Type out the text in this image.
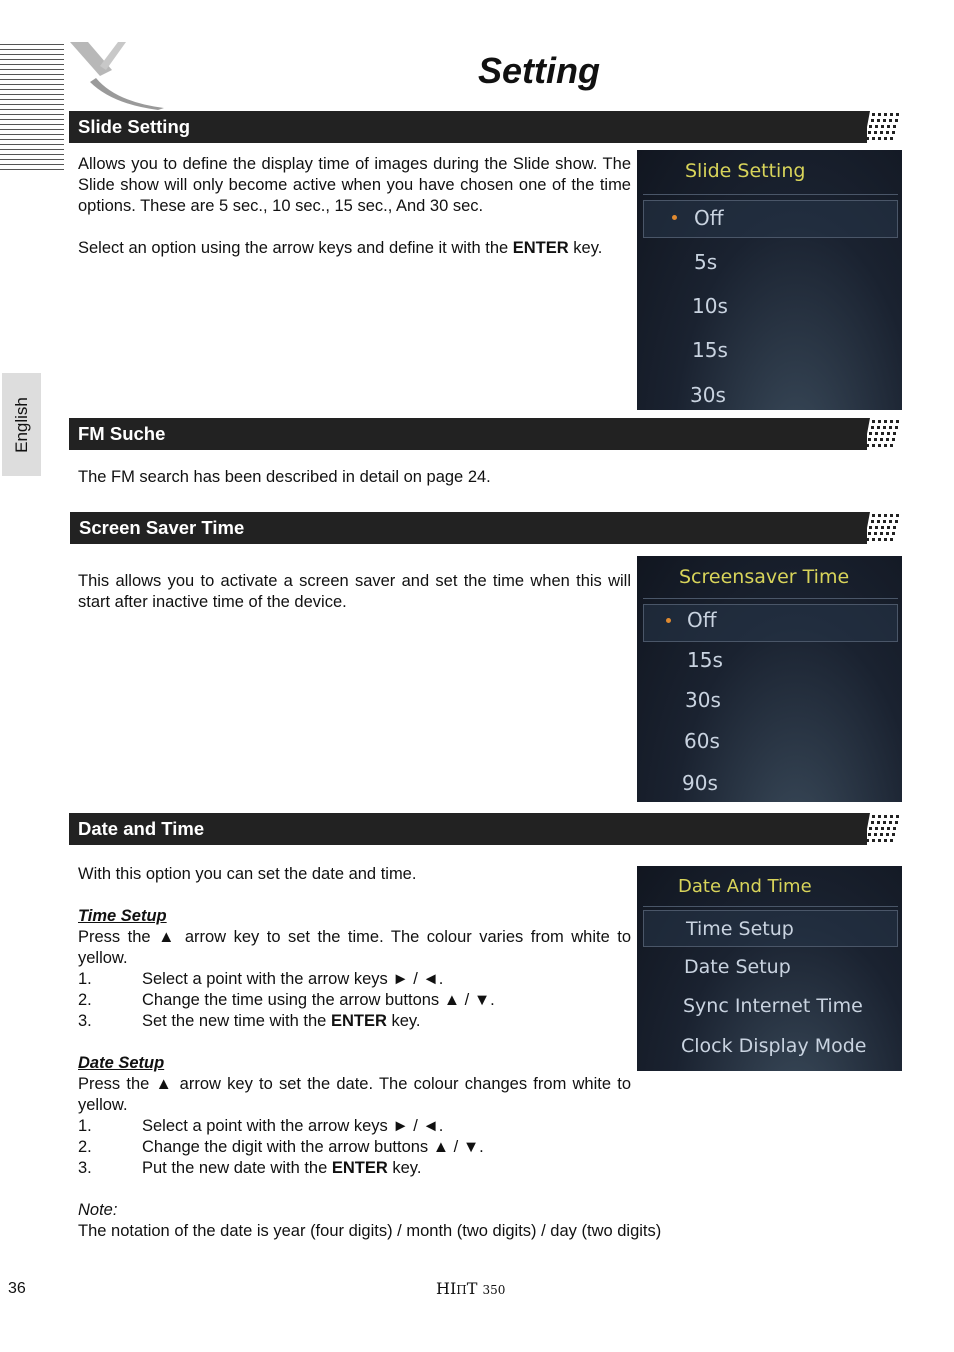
Setting
English
Slide Setting

Allows you to define the display time of images during the Slide show. The Slide show will only become active when you have chosen one of the time options. These are 5 sec., 10 sec., 15 sec., And 30 sec.

Select an option using the arrow keys and define it with the ENTER key.

Slide Setting
Off
5s
10s
15s
30s
FM Suche

The FM search has been described in detail on page 24.

Screen Saver Time

This allows you to activate a screen saver and set the time when this will start after inactive time of the device.

Screensaver Time
Off
15s
30s
60s
90s
Date and Time

With this option you can set the date and time.

Time Setup

Press the ▲ arrow key to set the time. The colour varies from white to yellow.

1.	Select a point with the arrow keys ► / ◄.
2.	Change the time using the arrow buttons ▲ / ▼.
3.	Set the new time with the ENTER key.

Date Setup

Press the ▲ arrow key to set the date. The colour changes from white to yellow.

1.	Select a point with the arrow keys ► / ◄.
2.	Change the digit with the arrow buttons ▲ / ▼.
3.	Put the new date with the ENTER key.

Note:

The notation of the date is year (four digits) / month (two digits) / day (two digits)

Date And Time
Time Setup
Date Setup
Sync Internet Time
Clock Display Mode
36	HIПT 350
